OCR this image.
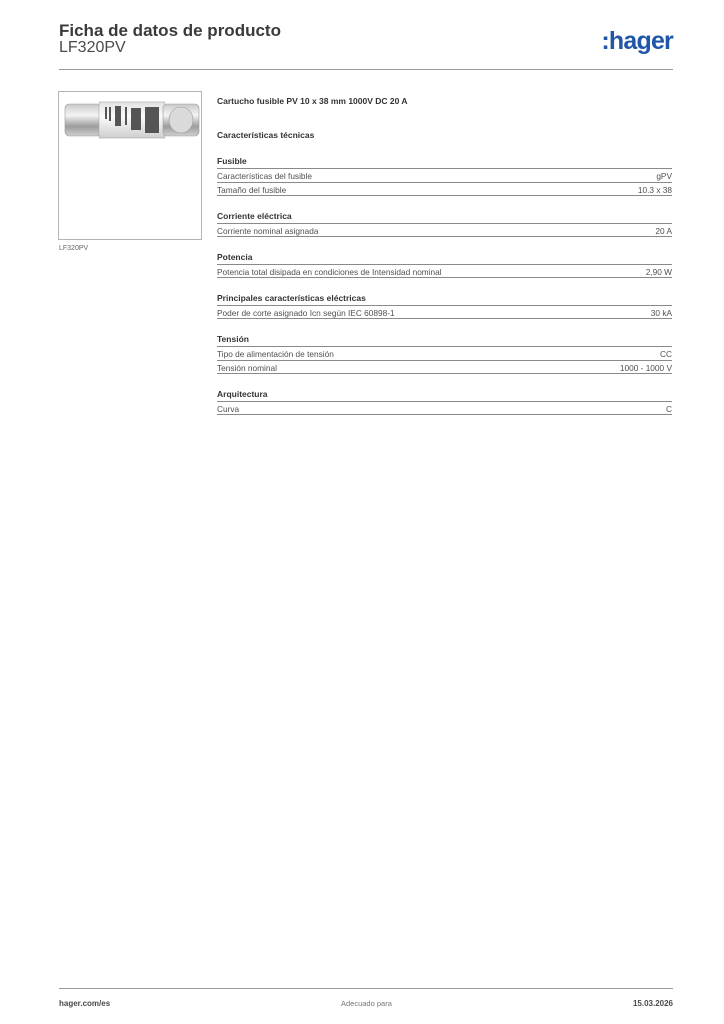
Ficha de datos de producto
LF320PV	:hager
LF320PV
Cartucho fusible PV 10 x 38 mm 1000V DC 20 A
Características técnicas
Fusible
Características del fusible	gPV
Tamaño del fusible	10.3 x 38
Corriente eléctrica
Corriente nominal asignada	20 A
Potencia
Potencia total disipada en condiciones de Intensidad nominal	2,90 W
Principales características eléctricas
Poder de corte asignado Icn según IEC 60898-1	30 kA
Tensión
Tipo de alimentación de tensión	CC
Tensión nominal	1000 - 1000 V
Arquitectura
Curva	C
hager.com/es	Adecuado para	15.03.2026
